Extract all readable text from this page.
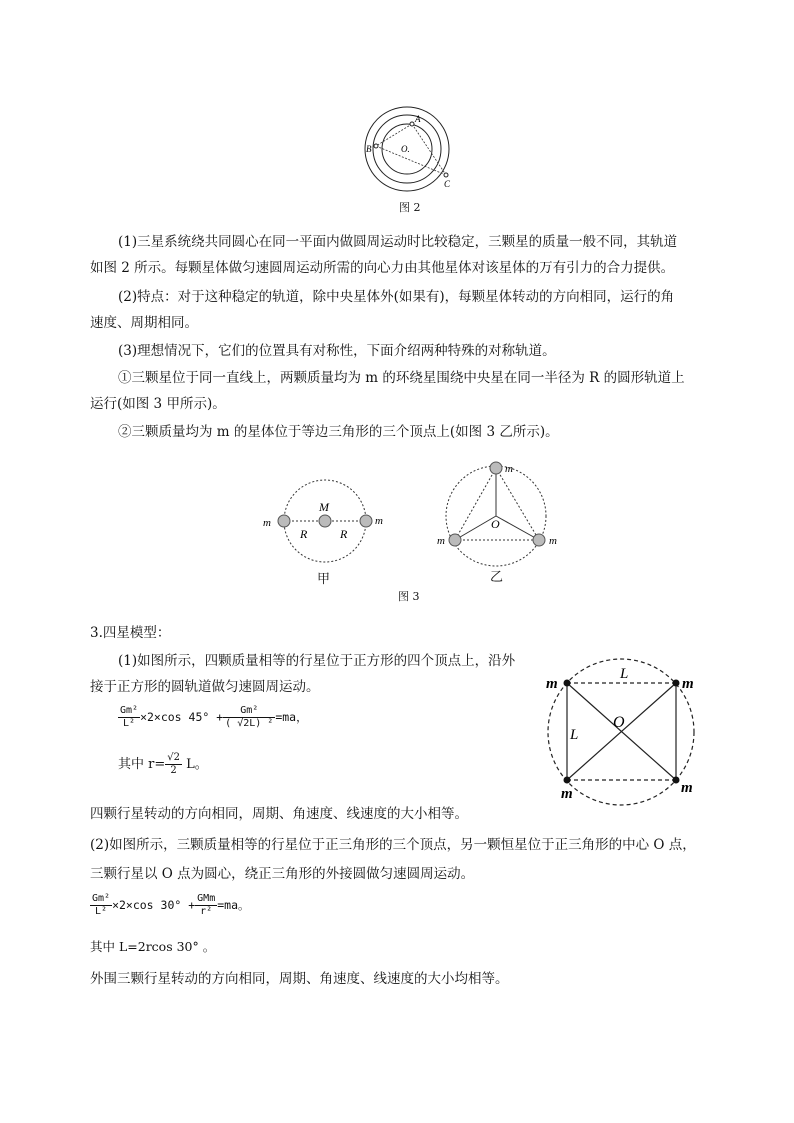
A
B
C
O.
图 2
(1)三星系统绕共同圆心在同一平面内做圆周运动时比较稳定，三颗星的质量一般不同，其轨道
如图 2 所示。每颗星体做匀速圆周运动所需的向心力由其他星体对该星体的万有引力的合力提供。
(2)特点：对于这种稳定的轨道，除中央星体外(如果有)，每颗星体转动的方向相同，运行的角
速度、周期相同。
(3)理想情况下，它们的位置具有对称性，下面介绍两种特殊的对称轨道。
①三颗星位于同一直线上，两颗质量均为 m 的环绕星围绕中央星在同一半径为 R 的圆形轨道上
运行(如图 3 甲所示)。
②三颗质量均为 m 的星体位于等边三角形的三个顶点上(如图 3 乙所示)。
m	m
M
R	R
甲
m
m	m
O
乙
图 3
3.四星模型：
(1)如图所示，四颗质量相等的行星位于正方形的四个顶点上，沿外
接于正方形的圆轨道做匀速圆周运动。
$\frac{\text{Gm²}}{\text{L²}} \times 2\times\cos$ $45^\circ + \frac{\text{Gm²}}{\text{( √2L) ²}} =ma$，
其中 $r= \frac{√2}{2}$ L。
四颗行星转动的方向相同，周期、角速度、线速度的大小相等。
(2)如图所示，三颗质量相等的行星位于正三角形的三个顶点，另一颗恒星位于正三角形的中心 O 点，
三颗行星以 O 点为圆心，绕正三角形的外接圆做匀速圆周运动。
$\frac{\text{Gm²}}{\text{L²}} \times 2\times\cos$ $30^\circ + \frac{\text{GMm}}{\text{r²}} =ma$。
其中 L=2rcos 30° 。
外围三颗行星转动的方向相同，周期、角速度、线速度的大小均相等。
m	m
m	m
L
L
O
